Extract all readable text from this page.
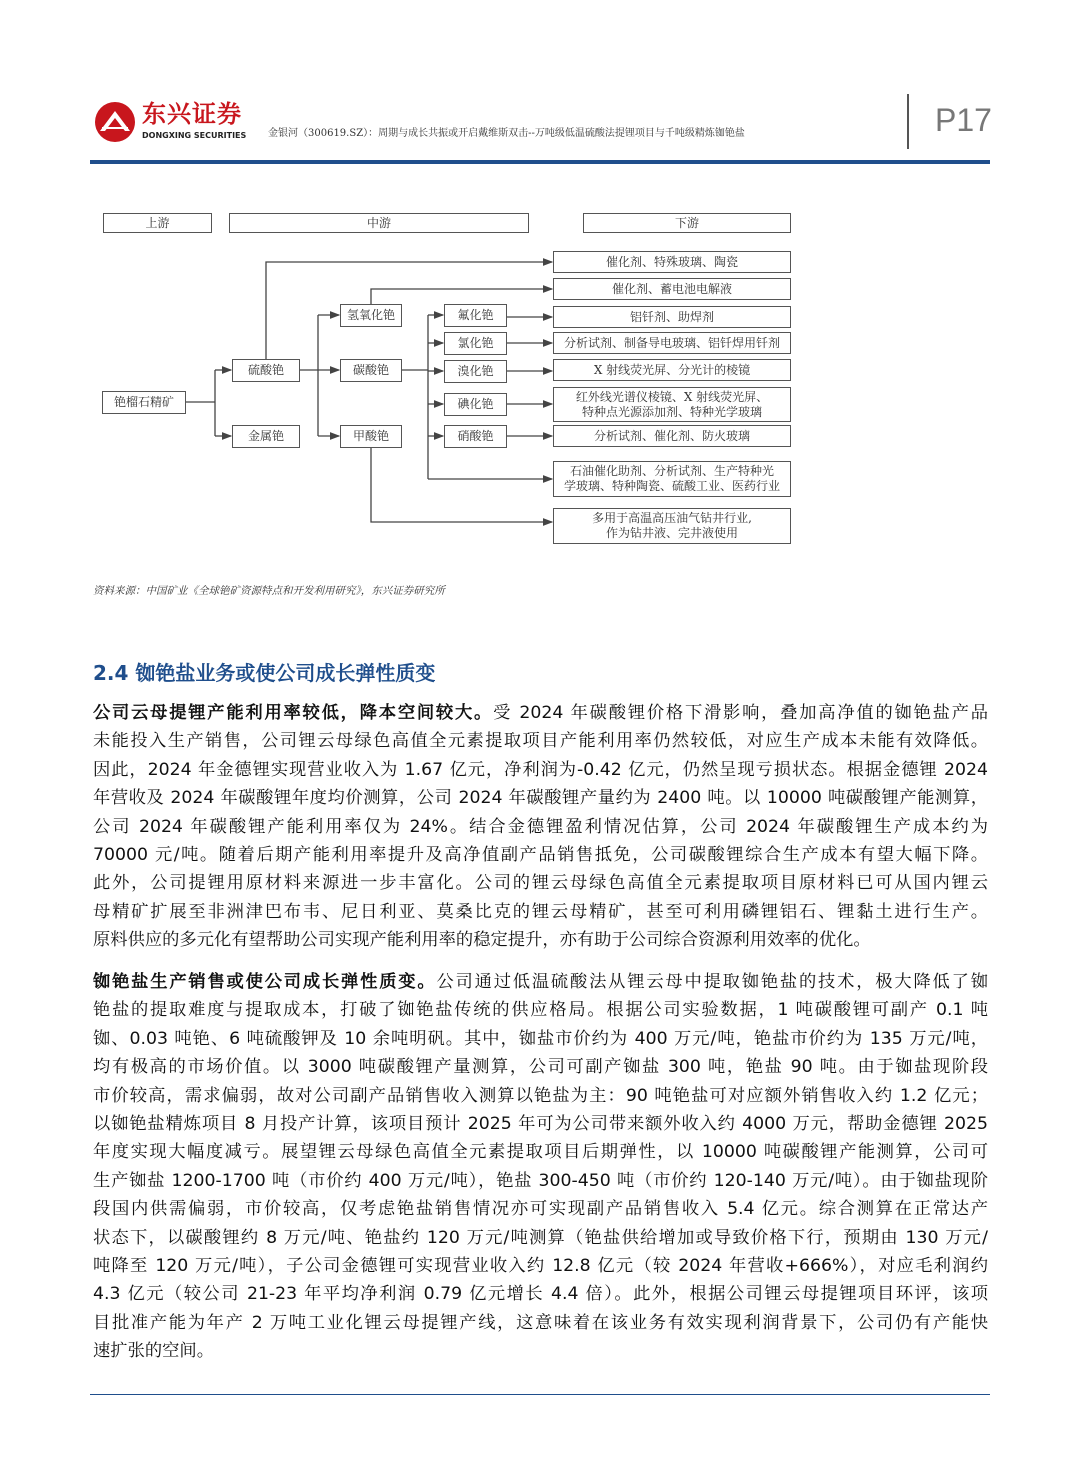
东兴证券
DONGXING SECURITIES 金银河（300619.SZ）：周期与成长共振或开启戴维斯双击--万吨级低温硫酸法提锂项目与千吨级精炼铷铯盐	P17
上游	中游	下游
铯榴石精矿
硫酸铯
金属铯
氢氧化铯
碳酸铯
甲酸铯
氟化铯
氯化铯
溴化铯
碘化铯
硝酸铯
催化剂、特殊玻璃、陶瓷
催化剂、蓄电池电解液
铝钎剂、助焊剂
分析试剂、制备导电玻璃、铝钎焊用钎剂
X 射线荧光屏、分光计的棱镜
红外线光谱仪棱镜、X 射线荧光屏、
特种点光源添加剂、特种光学玻璃
分析试剂、催化剂、防火玻璃
石油催化助剂、分析试剂、生产特种光
学玻璃、特种陶瓷、硫酸工业、医药行业
多用于高温高压油气钻井行业,
作为钻井液、完井液使用
资料来源：中国矿业《全球铯矿资源特点和开发利用研究》，东兴证券研究所
2.4 铷铯盐业务或使公司成长弹性质变
公司云母提锂产能利用率较低，降本空间较大。受 2024 年碳酸锂价格下滑影响，叠加高净值的铷铯盐产品
未能投入生产销售，公司锂云母绿色高值全元素提取项目产能利用率仍然较低，对应生产成本未能有效降低。
因此，2024 年金德锂实现营业收入为 1.67 亿元，净利润为-0.42 亿元，仍然呈现亏损状态。根据金德锂 2024
年营收及 2024 年碳酸锂年度均价测算，公司 2024 年碳酸锂产量约为 2400 吨。以 10000 吨碳酸锂产能测算，
公司 2024 年碳酸锂产能利用率仅为 24%。结合金德锂盈利情况估算，公司 2024 年碳酸锂生产成本约为
70000 元/吨。随着后期产能利用率提升及高净值副产品销售抵免，公司碳酸锂综合生产成本有望大幅下降。
此外，公司提锂用原材料来源进一步丰富化。公司的锂云母绿色高值全元素提取项目原材料已可从国内锂云
母精矿扩展至非洲津巴布韦、尼日利亚、莫桑比克的锂云母精矿，甚至可利用磷锂铝石、锂黏土进行生产。
原料供应的多元化有望帮助公司实现产能利用率的稳定提升，亦有助于公司综合资源利用效率的优化。
铷铯盐生产销售或使公司成长弹性质变。公司通过低温硫酸法从锂云母中提取铷铯盐的技术，极大降低了铷
铯盐的提取难度与提取成本，打破了铷铯盐传统的供应格局。根据公司实验数据，1 吨碳酸锂可副产 0.1 吨
铷、0.03 吨铯、6 吨硫酸钾及 10 余吨明矾。其中，铷盐市价约为 400 万元/吨，铯盐市价约为 135 万元/吨，
均有极高的市场价值。以 3000 吨碳酸锂产量测算，公司可副产铷盐 300 吨，铯盐 90 吨。由于铷盐现阶段
市价较高，需求偏弱，故对公司副产品销售收入测算以铯盐为主：90 吨铯盐可对应额外销售收入约 1.2 亿元；
以铷铯盐精炼项目 8 月投产计算，该项目预计 2025 年可为公司带来额外收入约 4000 万元，帮助金德锂 2025
年度实现大幅度减亏。展望锂云母绿色高值全元素提取项目后期弹性，以 10000 吨碳酸锂产能测算，公司可
生产铷盐 1200-1700 吨（市价约 400 万元/吨），铯盐 300-450 吨（市价约 120-140 万元/吨）。由于铷盐现阶
段国内供需偏弱，市价较高，仅考虑铯盐销售情况亦可实现副产品销售收入 5.4 亿元。综合测算在正常达产
状态下，以碳酸锂约 8 万元/吨、铯盐约 120 万元/吨测算（铯盐供给增加或导致价格下行，预期由 130 万元/
吨降至 120 万元/吨），子公司金德锂可实现营业收入约 12.8 亿元（较 2024 年营收+666%），对应毛利润约
4.3 亿元（较公司 21-23 年平均净利润 0.79 亿元增长 4.4 倍）。此外，根据公司锂云母提锂项目环评，该项
目批准产能为年产 2 万吨工业化锂云母提锂产线，这意味着在该业务有效实现利润背景下，公司仍有产能快
速扩张的空间。
